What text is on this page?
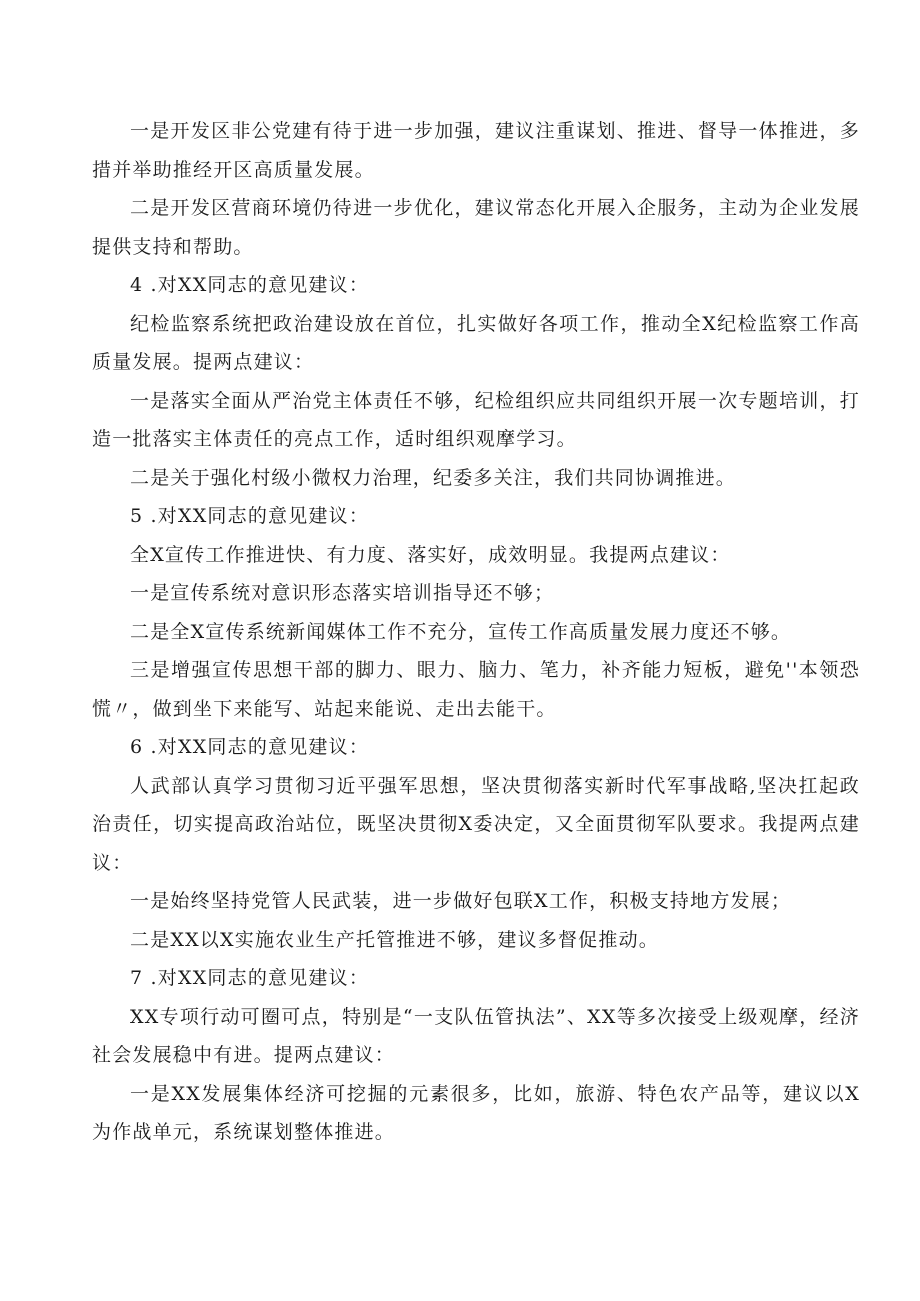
一是开发区非公党建有待于进一步加强，建议注重谋划、推进、督导一体推进，多措并举助推经开区高质量发展。

二是开发区营商环境仍待进一步优化，建议常态化开展入企服务，主动为企业发展提供支持和帮助。

4 .对XX同志的意见建议：

纪检监察系统把政治建设放在首位，扎实做好各项工作，推动全X纪检监察工作高质量发展。提两点建议：

一是落实全面从严治党主体责任不够，纪检组织应共同组织开展一次专题培训，打造一批落实主体责任的亮点工作，适时组织观摩学习。

二是关于强化村级小微权力治理，纪委多关注，我们共同协调推进。

5 .对XX同志的意见建议：

全X宣传工作推进快、有力度、落实好，成效明显。我提两点建议：

一是宣传系统对意识形态落实培训指导还不够；

二是全X宣传系统新闻媒体工作不充分，宣传工作高质量发展力度还不够。

三是增强宣传思想干部的脚力、眼力、脑力、笔力，补齐能力短板，避免''本领恐慌〃，做到坐下来能写、站起来能说、走出去能干。

6 .对XX同志的意见建议：

人武部认真学习贯彻习近平强军思想，坚决贯彻落实新时代军事战略,坚决扛起政治责任，切实提高政治站位，既坚决贯彻X委决定，又全面贯彻军队要求。我提两点建议：

一是始终坚持党管人民武装，进一步做好包联X工作，积极支持地方发展；

二是XX以X实施农业生产托管推进不够，建议多督促推动。

7 .对XX同志的意见建议：

XX专项行动可圈可点，特别是“一支队伍管执法”、XX等多次接受上级观摩，经济社会发展稳中有进。提两点建议：

一是XX发展集体经济可挖掘的元素很多，比如，旅游、特色农产品等，建议以X为作战单元，系统谋划整体推进。
